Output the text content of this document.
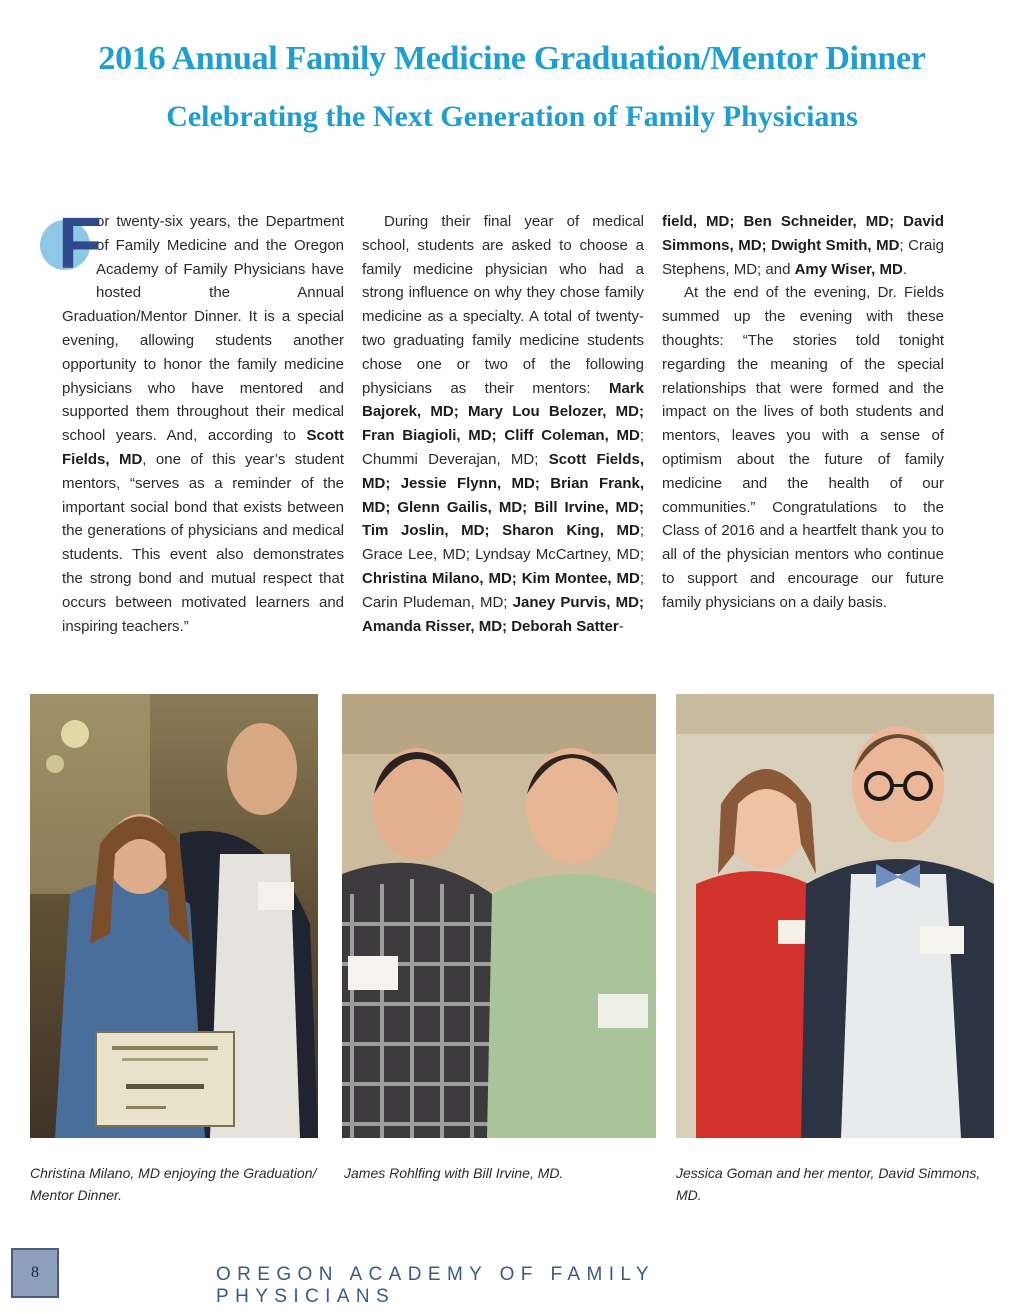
2016 Annual Family Medicine Graduation/Mentor Dinner
Celebrating the Next Generation of Family Physicians

F
or twenty-six years, the Department of Family Medicine and the Oregon Academy of Family Physicians have hosted the Annual Graduation/Mentor Dinner. It is a special evening, allowing students another opportunity to honor the family medicine physicians who have mentored and supported them throughout their medical school years. And, according to Scott Fields, MD, one of this year’s student mentors, “serves as a reminder of the important social bond that exists between the generations of physicians and medical students. This event also demonstrates the strong bond and mutual respect that occurs between motivated learners and inspiring teachers.”

During their final year of medical school, students are asked to choose a family medicine physician who had a strong influence on why they chose family medicine as a specialty. A total of twenty-two graduating family medicine students chose one or two of the following physicians as their mentors: Mark Bajorek, MD; Mary Lou Belozer, MD; Fran Biagioli, MD; Cliff Coleman, MD; Chummi Deverajan, MD; Scott Fields, MD; Jessie Flynn, MD; Brian Frank, MD; Glenn Gailis, MD; Bill Irvine, MD; Tim Joslin, MD; Sharon King, MD; Grace Lee, MD; Lyndsay McCartney, MD; Christina Milano, MD; Kim Montee, MD; Carin Pludeman, MD; Janey Purvis, MD; Amanda Risser, MD; Deborah Satter-

field, MD; Ben Schneider, MD; David Simmons, MD; Dwight Smith, MD; Craig Stephens, MD; and Amy Wiser, MD.

At the end of the evening, Dr. Fields summed up the evening with these thoughts: “The stories told tonight regarding the meaning of the special relationships that were formed and the impact on the lives of both students and mentors, leaves you with a sense of optimism about the future of family medicine and the health of our communities.” Congratulations to the Class of 2016 and a heartfelt thank you to all of the physician mentors who continue to support and encourage our future family physicians on a daily basis.

Christina Milano, MD enjoying the Graduation/ Mentor Dinner.
James Rohlfing with Bill Irvine, MD.	Jessica Goman and her mentor, David Simmons, MD.
8	OREGON ACADEMY OF FAMILY PHYSICIANS
